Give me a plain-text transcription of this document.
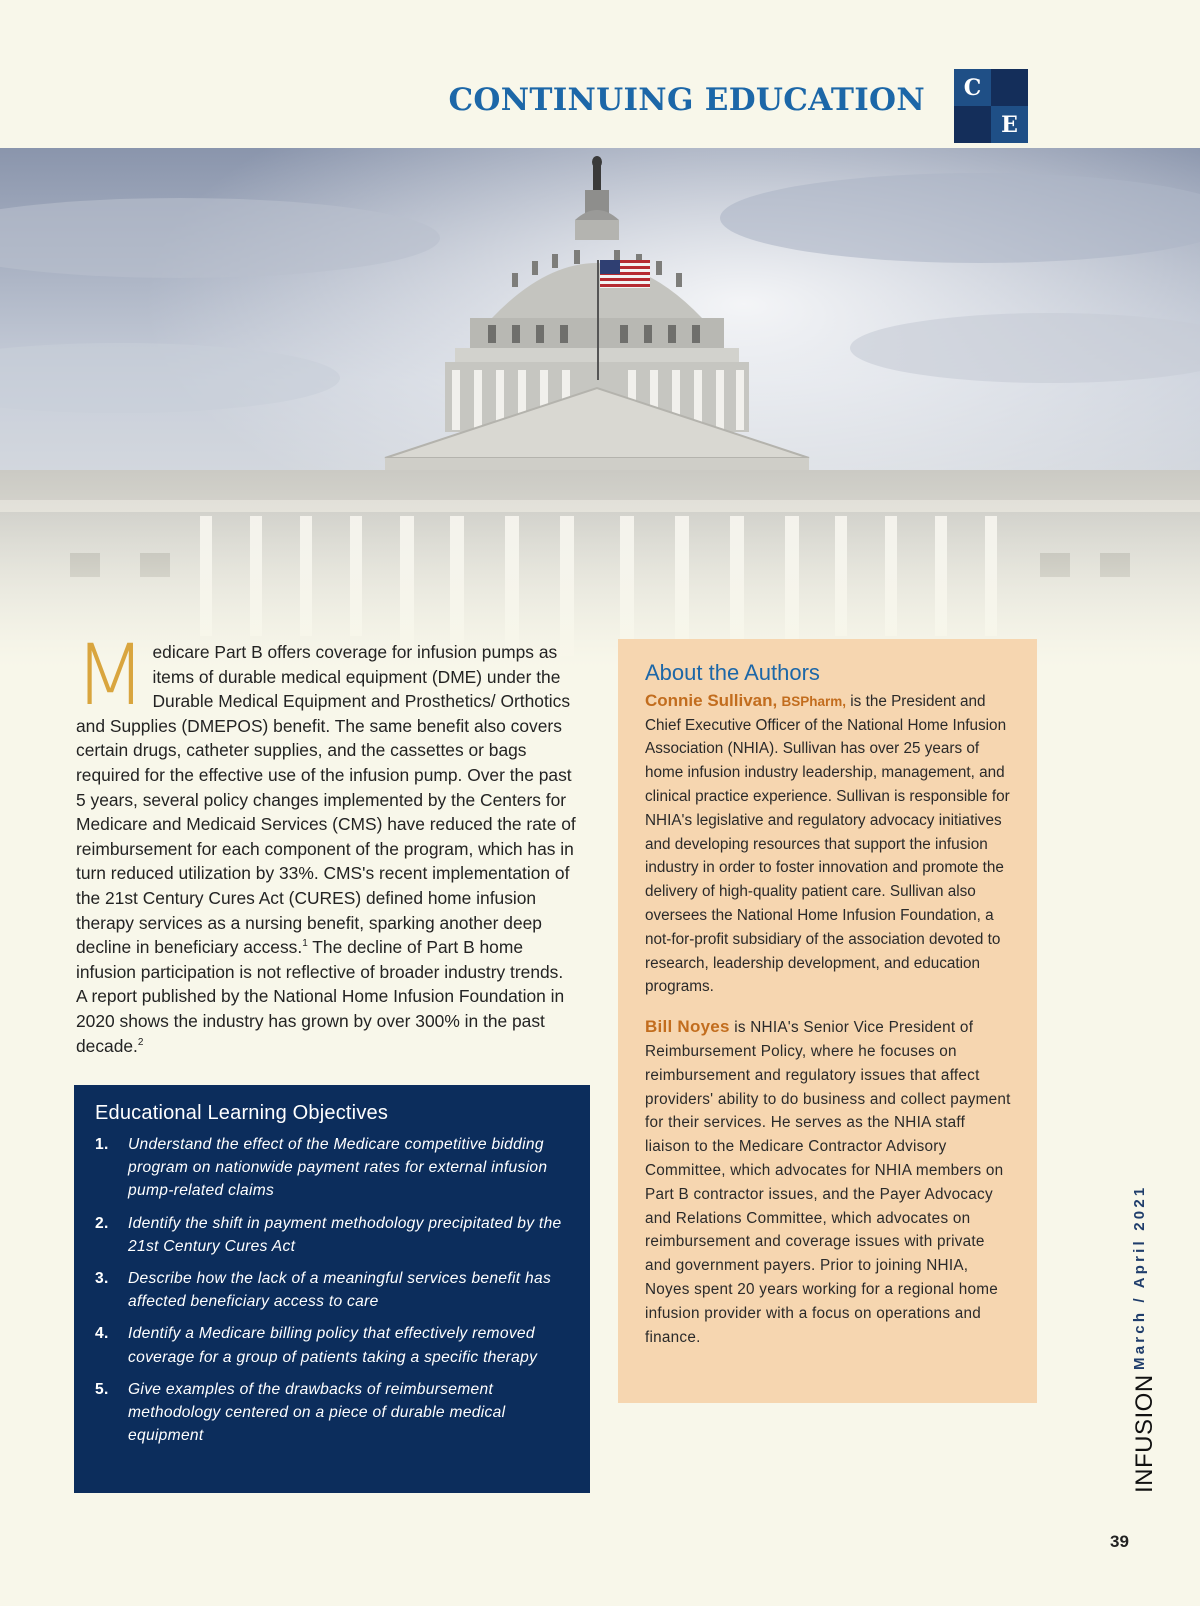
CONTINUING EDUCATION	C
E
Medicare Part B offers coverage for infusion pumps as items of durable medical equipment (DME) under the Durable Medical Equipment and Prosthetics/ Orthotics and Supplies (DMEPOS) benefit. The same benefit also covers certain drugs, catheter supplies, and the cassettes or bags required for the effective use of the infusion pump. Over the past 5 years, several policy changes implemented by the Centers for Medicare and Medicaid Services (CMS) have reduced the rate of reimbursement for each component of the program, which has in turn reduced utilization by 33%. CMS's recent implementation of the 21st Century Cures Act (CURES) defined home infusion therapy services as a nursing benefit, sparking another deep decline in beneficiary access.$^1$ The decline of Part B home infusion participation is not reflective of broader industry trends. A report published by the National Home Infusion Foundation in 2020 shows the industry has grown by over 300% in the past decade.$^2$
Educational Learning Objectives
1. Understand the effect of the Medicare competitive bidding program on nationwide payment rates for external infusion pump-related claims
2. Identify the shift in payment methodology precipitated by the 21st Century Cures Act
3. Describe how the lack of a meaningful services benefit has affected beneficiary access to care
4. Identify a Medicare billing policy that effectively removed coverage for a group of patients taking a specific therapy
5. Give examples of the drawbacks of reimbursement methodology centered on a piece of durable medical equipment
About the Authors

Connie Sullivan, BSPharm, is the President and Chief Executive Officer of the National Home Infusion Association (NHIA). Sullivan has over 25 years of home infusion industry leadership, management, and clinical practice experience. Sullivan is responsible for NHIA's legislative and regulatory advocacy initiatives and developing resources that support the infusion industry in order to foster innovation and promote the delivery of high-quality patient care. Sullivan also oversees the National Home Infusion Foundation, a not-for-profit subsidiary of the association devoted to research, leadership development, and education programs.

Bill Noyes is NHIA's Senior Vice President of Reimbursement Policy, where he focuses on reimbursement and regulatory issues that affect providers' ability to do business and collect payment for their services. He serves as the NHIA staff liaison to the Medicare Contractor Advisory Committee, which advocates for NHIA members on Part B contractor issues, and the Payer Advocacy and Relations Committee, which advocates on reimbursement and coverage issues with private and government payers. Prior to joining NHIA, Noyes spent 20 years working for a regional home infusion provider with a focus on operations and finance.	March / April 2021
INFUSION
39
